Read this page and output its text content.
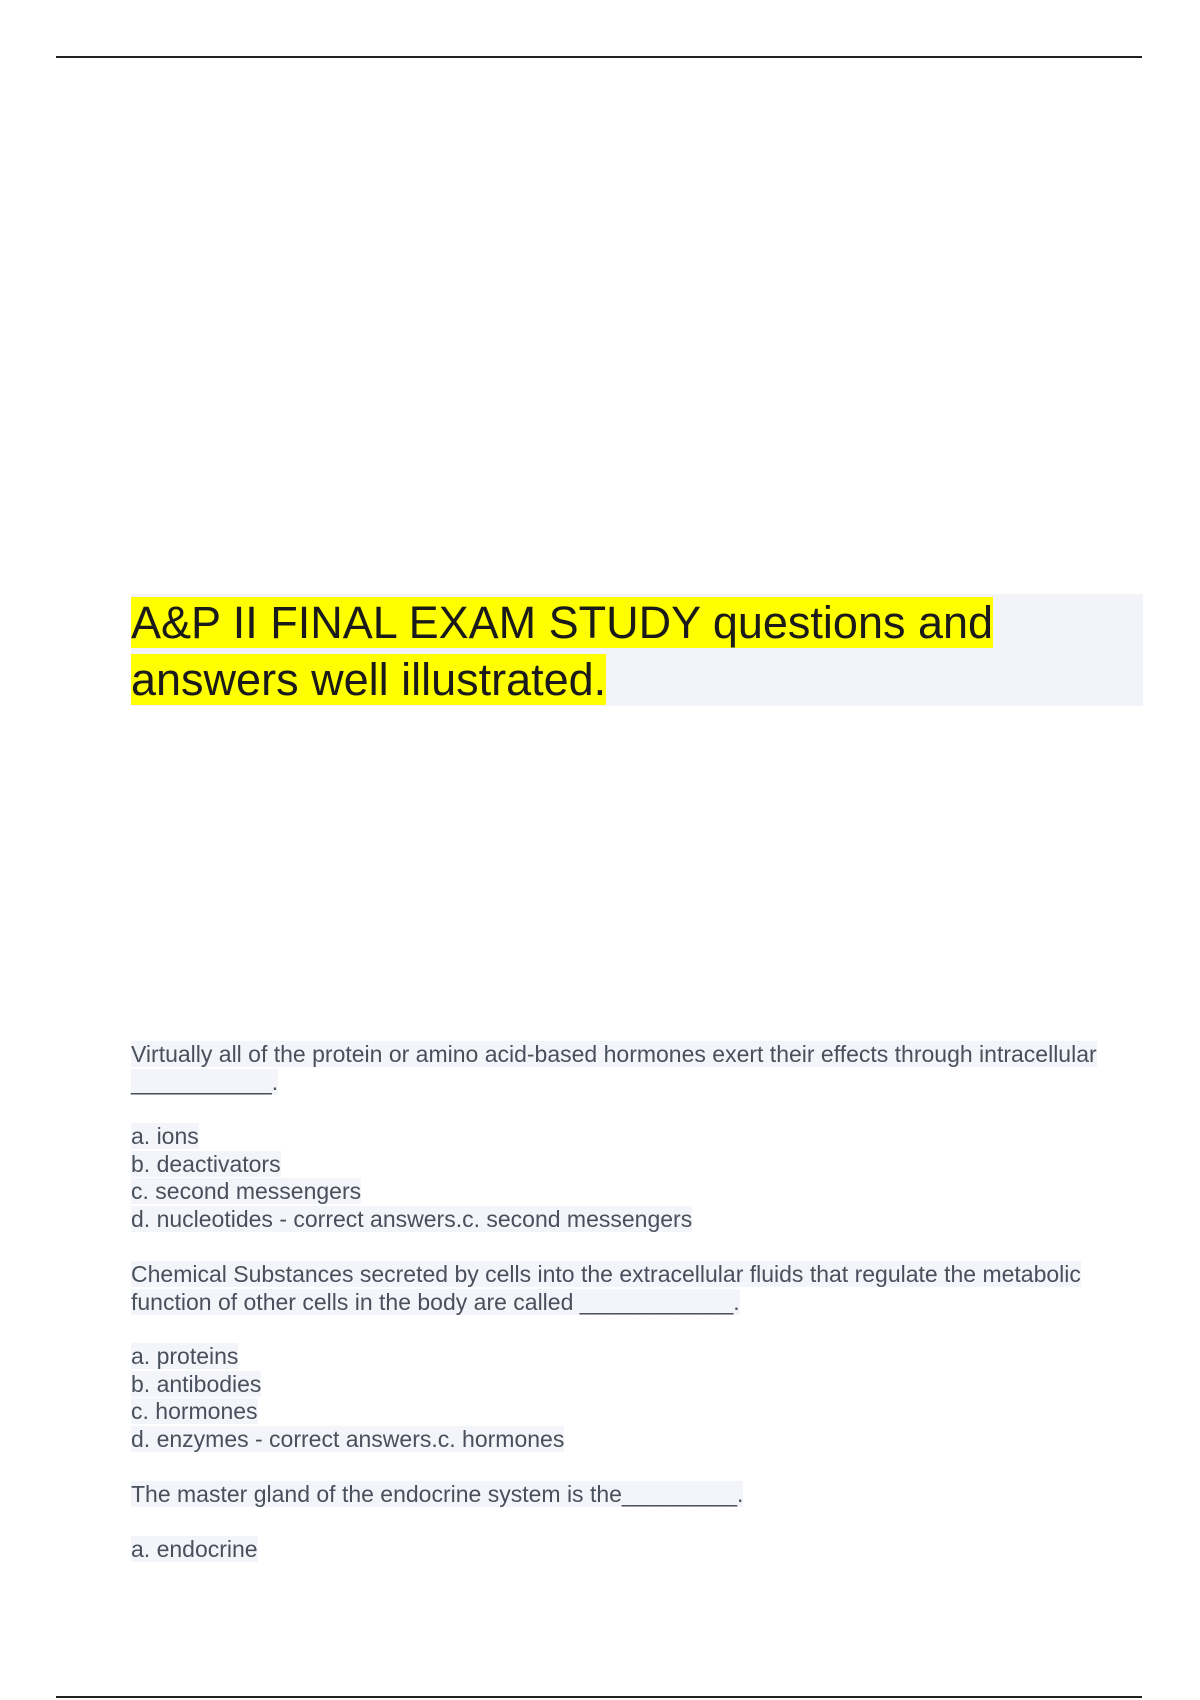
A&P II FINAL EXAM STUDY questions and answers well illustrated.

Virtually all of the protein or amino acid-based hormones exert their effects through intracellular ___________.

a. ions

b. deactivators

c. second messengers

d. nucleotides - correct answers.c. second messengers

Chemical Substances secreted by cells into the extracellular fluids that regulate the metabolic function of other cells in the body are called ____________.

a. proteins

b. antibodies

c. hormones

d. enzymes - correct answers.c. hormones

The master gland of the endocrine system is the_________.

a. endocrine
